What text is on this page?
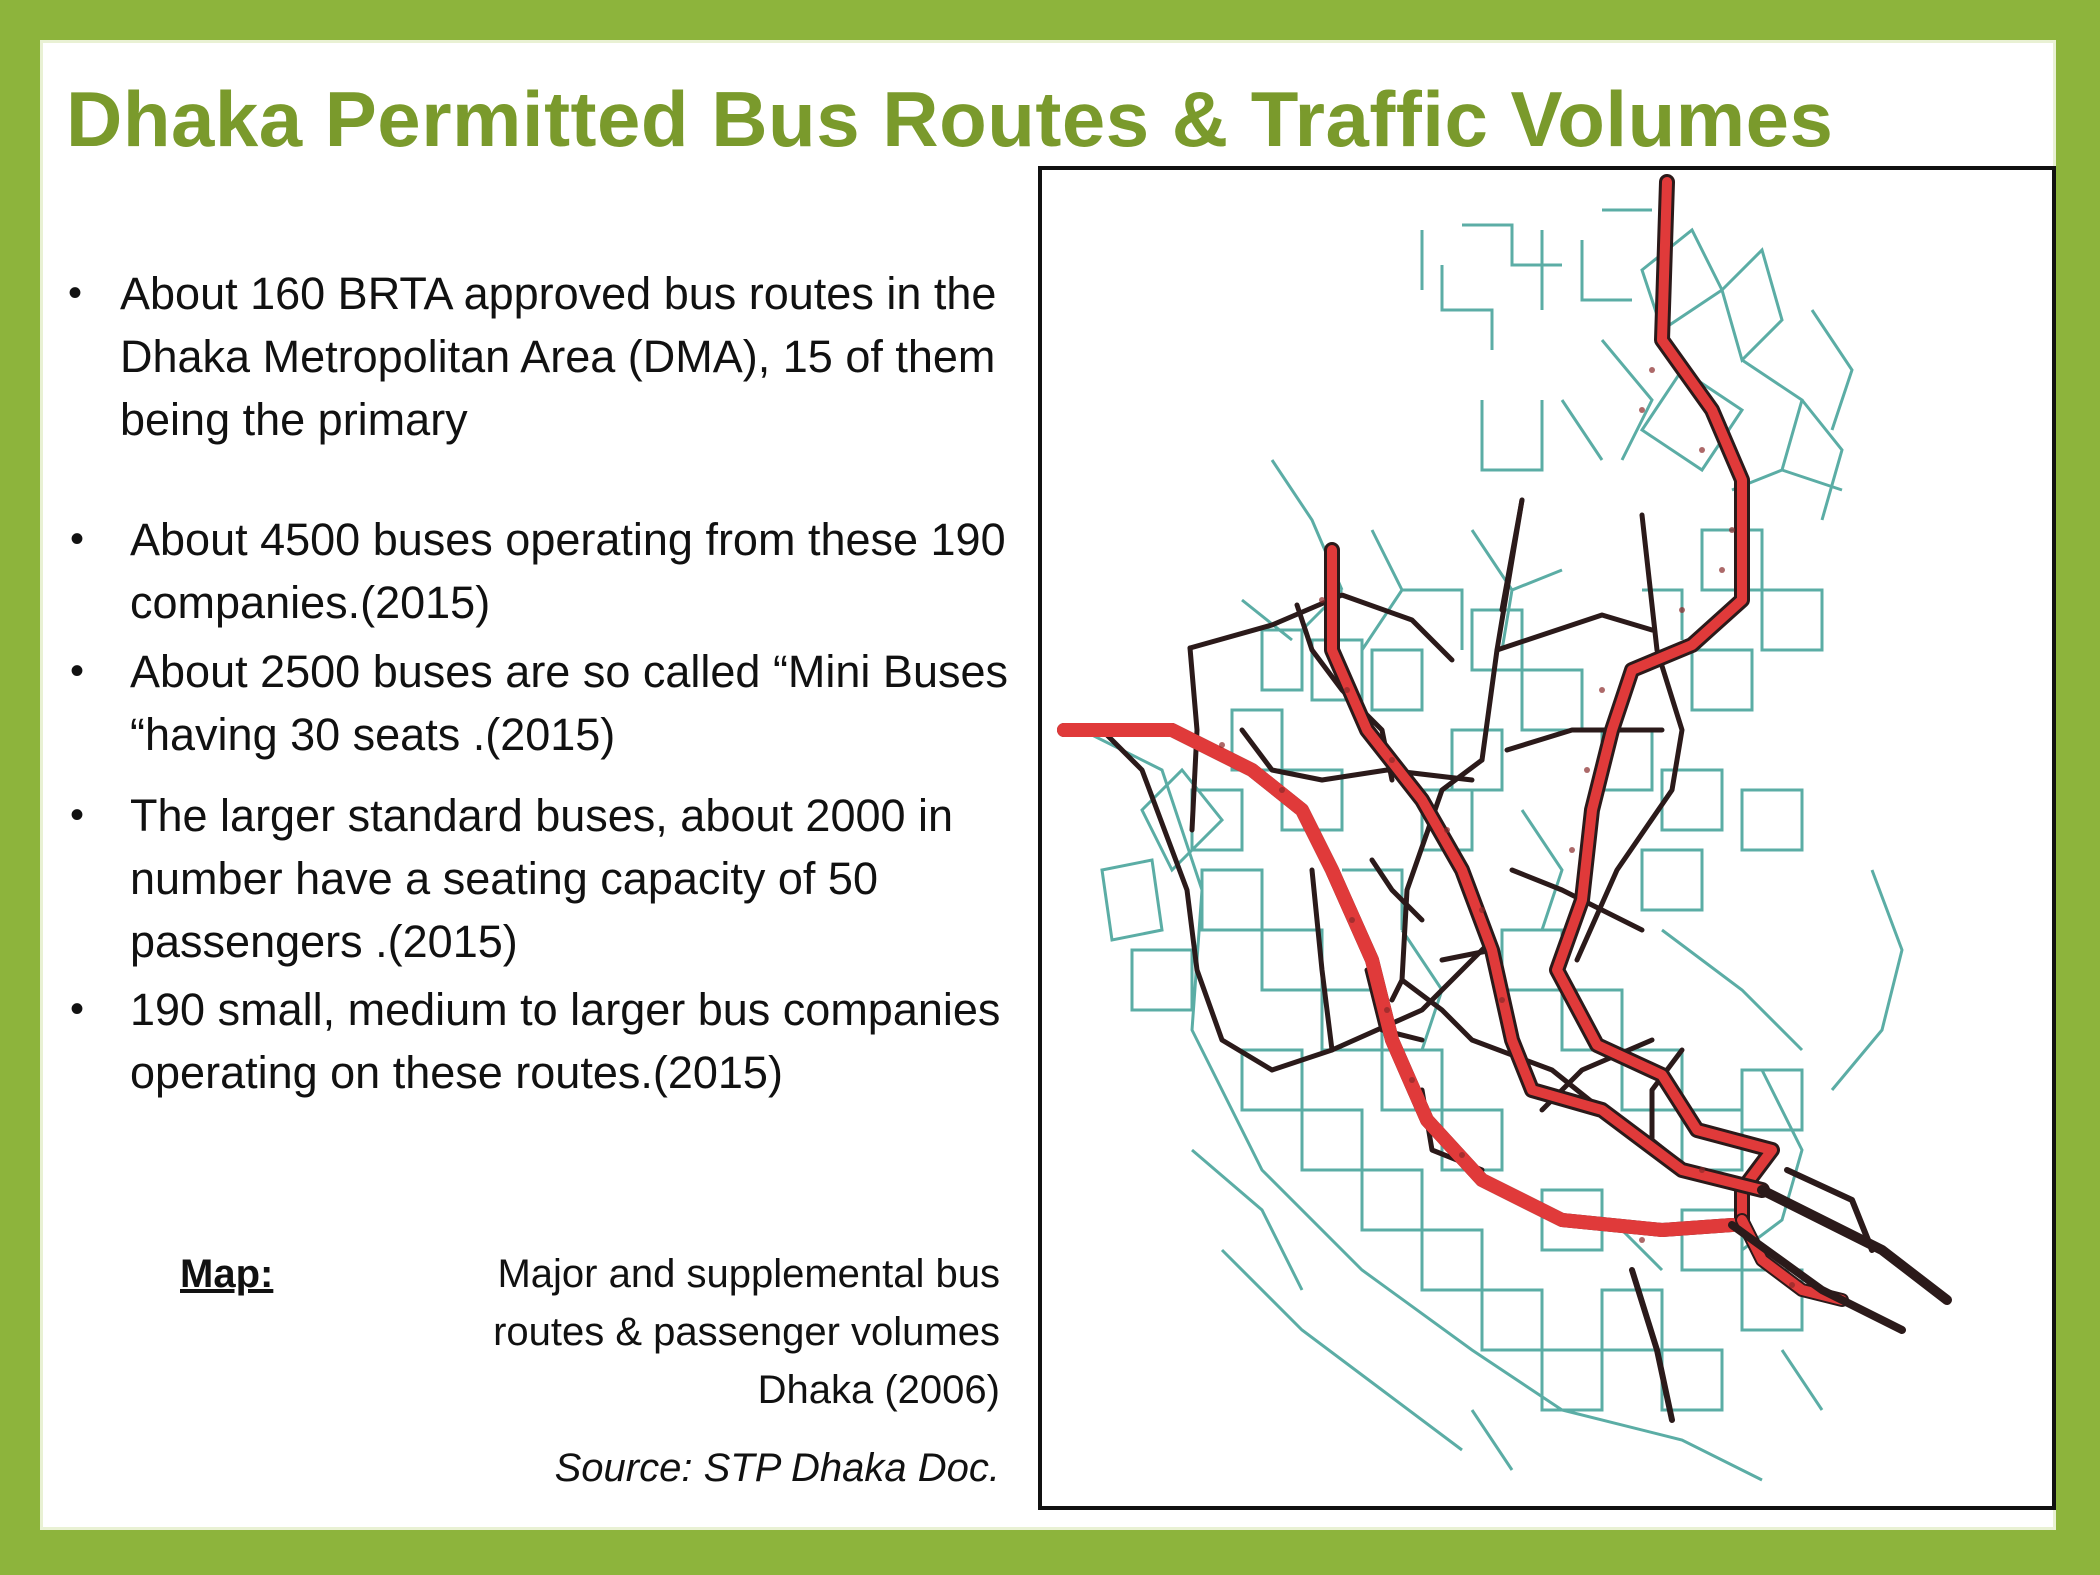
Dhaka Permitted Bus Routes & Traffic Volumes
• About 160 BRTA approved bus routes in the Dhaka Metropolitan Area (DMA), 15 of them being the primary
• About 4500 buses operating from these 190 companies.(2015)
• About 2500 buses are so called “Mini Buses “having 30 seats .(2015)
• The larger standard buses, about 2000 in number have a seating capacity of 50 passengers .(2015)
• 190 small, medium to larger bus companies operating on these routes.(2015)
Map:	Major and supplemental bus routes & passenger volumes Dhaka (2006)
Source: STP Dhaka Doc.
